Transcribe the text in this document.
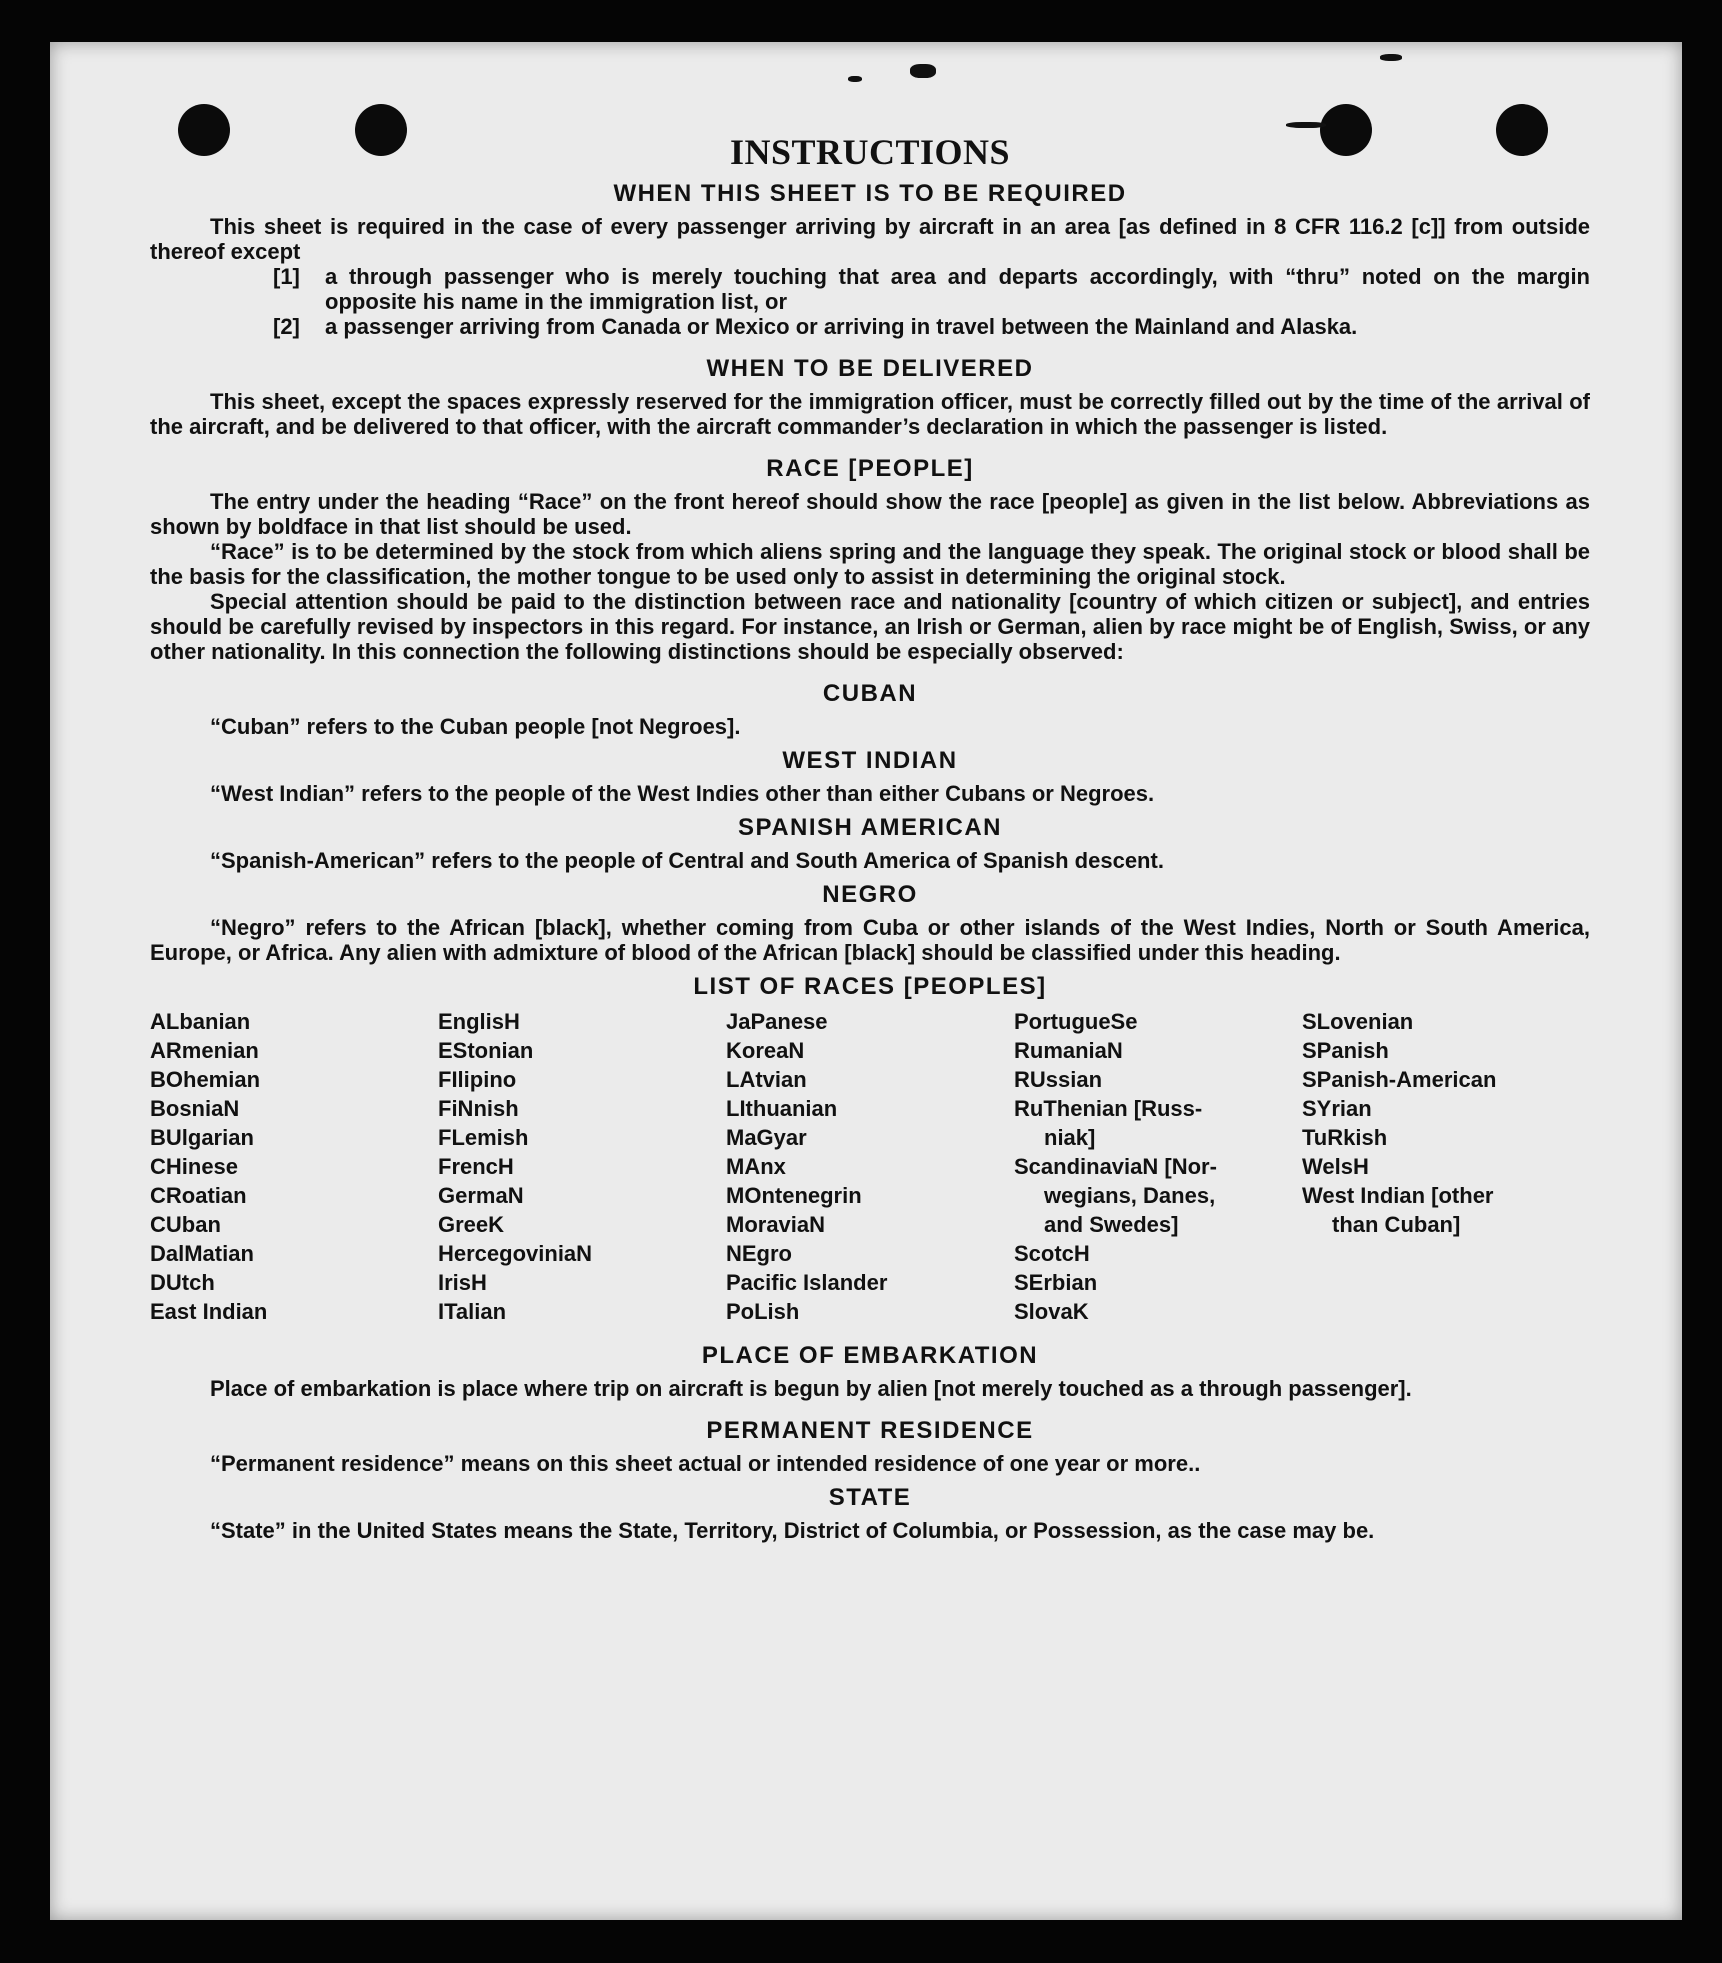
INSTRUCTIONS
WHEN THIS SHEET IS TO BE REQUIRED
This sheet is required in the case of every passenger arriving by aircraft in an area [as defined in 8 CFR 116.2 [c]] from outside thereof except
[1]	a through passenger who is merely touching that area and departs accordingly, with “thru” noted on the margin opposite his name in the immigration list, or
[2]	a passenger arriving from Canada or Mexico or arriving in travel between the Mainland and Alaska.
WHEN TO BE DELIVERED
This sheet, except the spaces expressly reserved for the immigration officer, must be correctly filled out by the time of the arrival of the aircraft, and be delivered to that officer, with the aircraft commander’s declaration in which the passenger is listed.
RACE [PEOPLE]
The entry under the heading “Race” on the front hereof should show the race [people] as given in the list below. Abbreviations as shown by boldface in that list should be used.
“Race” is to be determined by the stock from which aliens spring and the language they speak. The original stock or blood shall be the basis for the classification, the mother tongue to be used only to assist in determining the original stock.
Special attention should be paid to the distinction between race and nationality [country of which citizen or subject], and entries should be carefully revised by inspectors in this regard. For instance, an Irish or German, alien by race might be of English, Swiss, or any other nationality. In this connection the following distinctions should be especially observed:
CUBAN
“Cuban” refers to the Cuban people [not Negroes].
WEST INDIAN
“West Indian” refers to the people of the West Indies other than either Cubans or Negroes.
SPANISH AMERICAN
“Spanish-American” refers to the people of Central and South America of Spanish descent.
NEGRO
“Negro” refers to the African [black], whether coming from Cuba or other islands of the West Indies, North or South America, Europe, or Africa. Any alien with admixture of blood of the African [black] should be classified under this heading.
LIST OF RACES [PEOPLES]
ALbanian
ARmenian
BOhemian
BosniaN
BUlgarian
CHinese
CRoatian
CUban
DalMatian
DUtch
East Indian
EnglisH
EStonian
FIlipino
FiNnish
FLemish
FrencH
GermaN
GreeK
HercegoviniaN
IrisH
ITalian
JaPanese
KoreaN
LAtvian
LIthuanian
MaGyar
MAnx
MOntenegrin
MoraviaN
NEgro
Pacific Islander
PoLish
PortugueSe
RumaniaN
RUssian
RuThenian [Russ-
niak]
ScandinaviaN [Nor-
wegians, Danes,
and Swedes]
ScotcH
SErbian
SlovaK
SLovenian
SPanish
SPanish-American
SYrian
TuRkish
WelsH
West Indian [other
than Cuban]
PLACE OF EMBARKATION
Place of embarkation is place where trip on aircraft is begun by alien [not merely touched as a through passenger].
PERMANENT RESIDENCE
“Permanent residence” means on this sheet actual or intended residence of one year or more..
STATE
“State” in the United States means the State, Territory, District of Columbia, or Possession, as the case may be.
